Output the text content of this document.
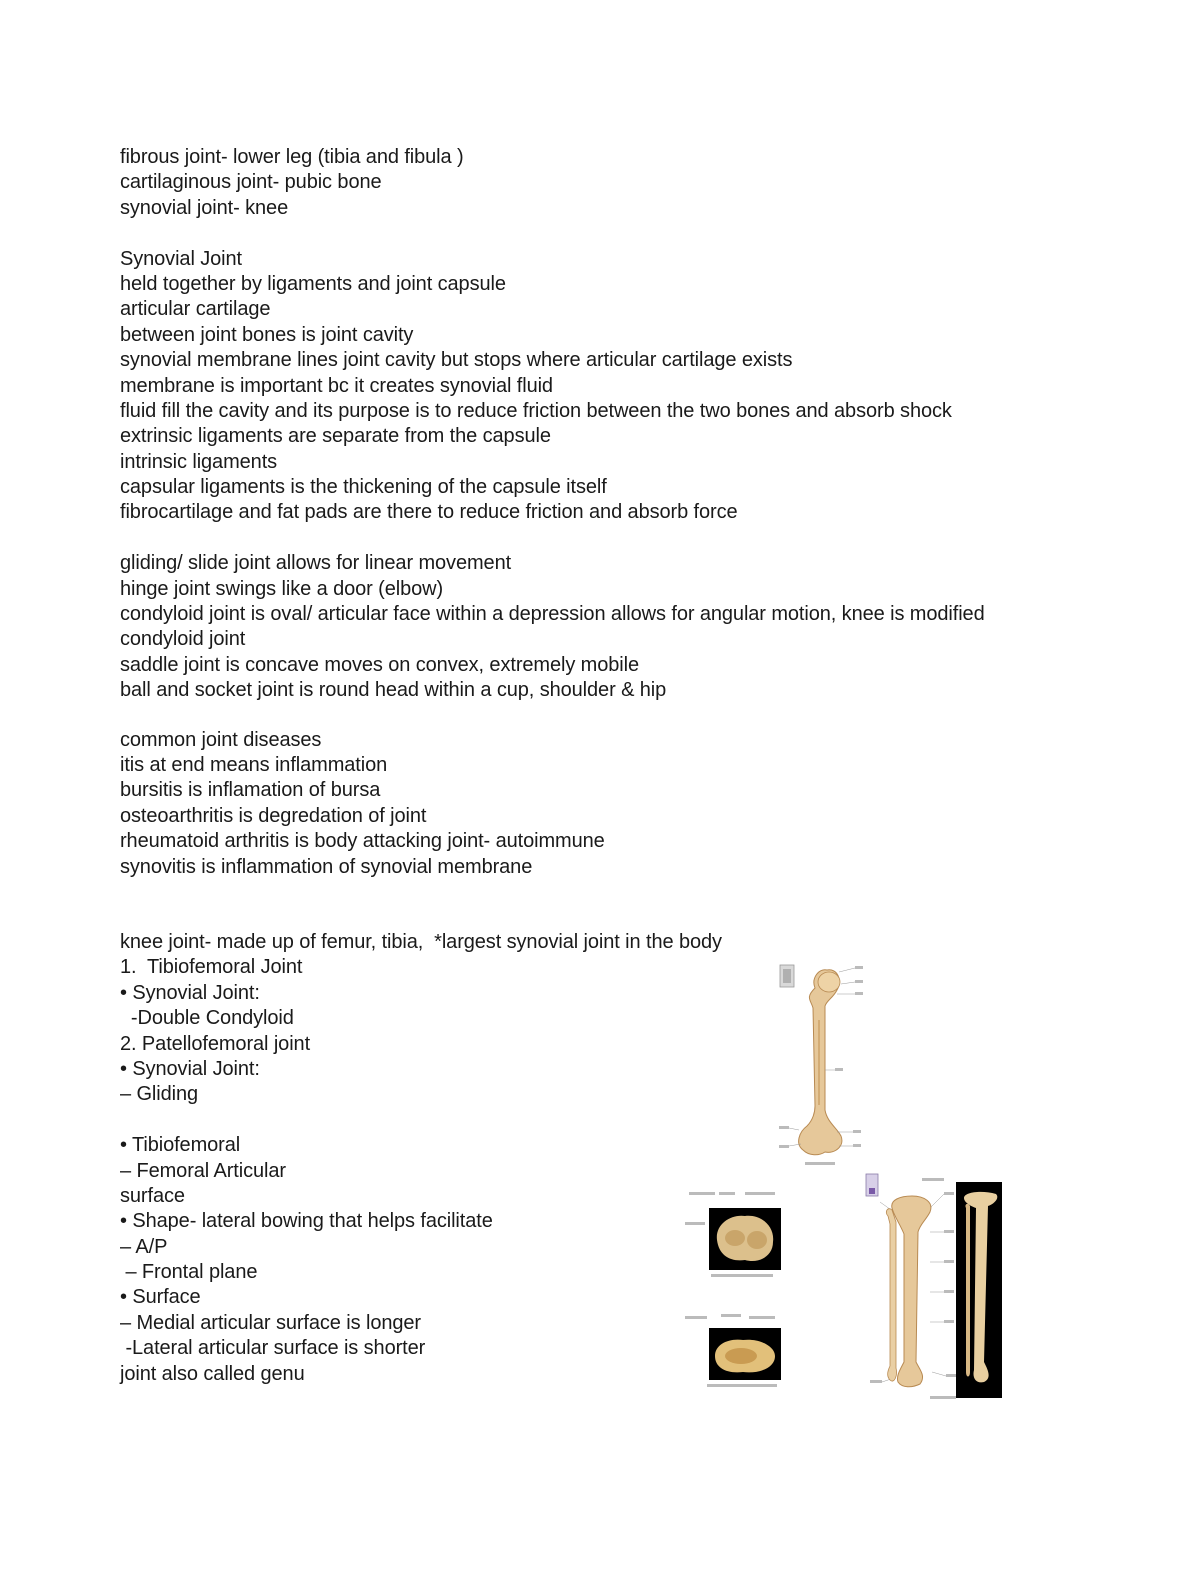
fibrous joint- lower leg (tibia and fibula )
cartilaginous joint- pubic bone
synovial joint- knee
Synovial Joint
held together by ligaments and joint capsule
articular cartilage
between joint bones is joint cavity
synovial membrane lines joint cavity but stops where articular cartilage exists
membrane is important bc it creates synovial fluid
fluid fill the cavity and its purpose is to reduce friction between the two bones and absorb shock
extrinsic ligaments are separate from the capsule
intrinsic ligaments
capsular ligaments is the thickening of the capsule itself
fibrocartilage and fat pads are there to reduce friction and absorb force
gliding/ slide joint allows for linear movement
hinge joint swings like a door (elbow)
condyloid joint is oval/ articular face within a depression allows for angular motion, knee is modified
condyloid joint
saddle joint is concave moves on convex, extremely mobile
ball and socket joint is round head within a cup, shoulder & hip
common joint diseases
itis at end means inflammation
bursitis is inflamation of bursa
osteoarthritis is degredation of joint
rheumatoid arthritis is body attacking joint- autoimmune
synovitis is inflammation of synovial membrane
knee joint- made up of femur, tibia,  *largest synovial joint in the body
1.  Tibiofemoral Joint
• Synovial Joint:
-Double Condyloid
2. Patellofemoral joint
• Synovial Joint:
– Gliding
• Tibiofemoral
– Femoral Articular
surface
• Shape- lateral bowing that helps facilitate
– A/P
– Frontal plane
• Surface
– Medial articular surface is longer
-Lateral articular surface is shorter
joint also called genu
